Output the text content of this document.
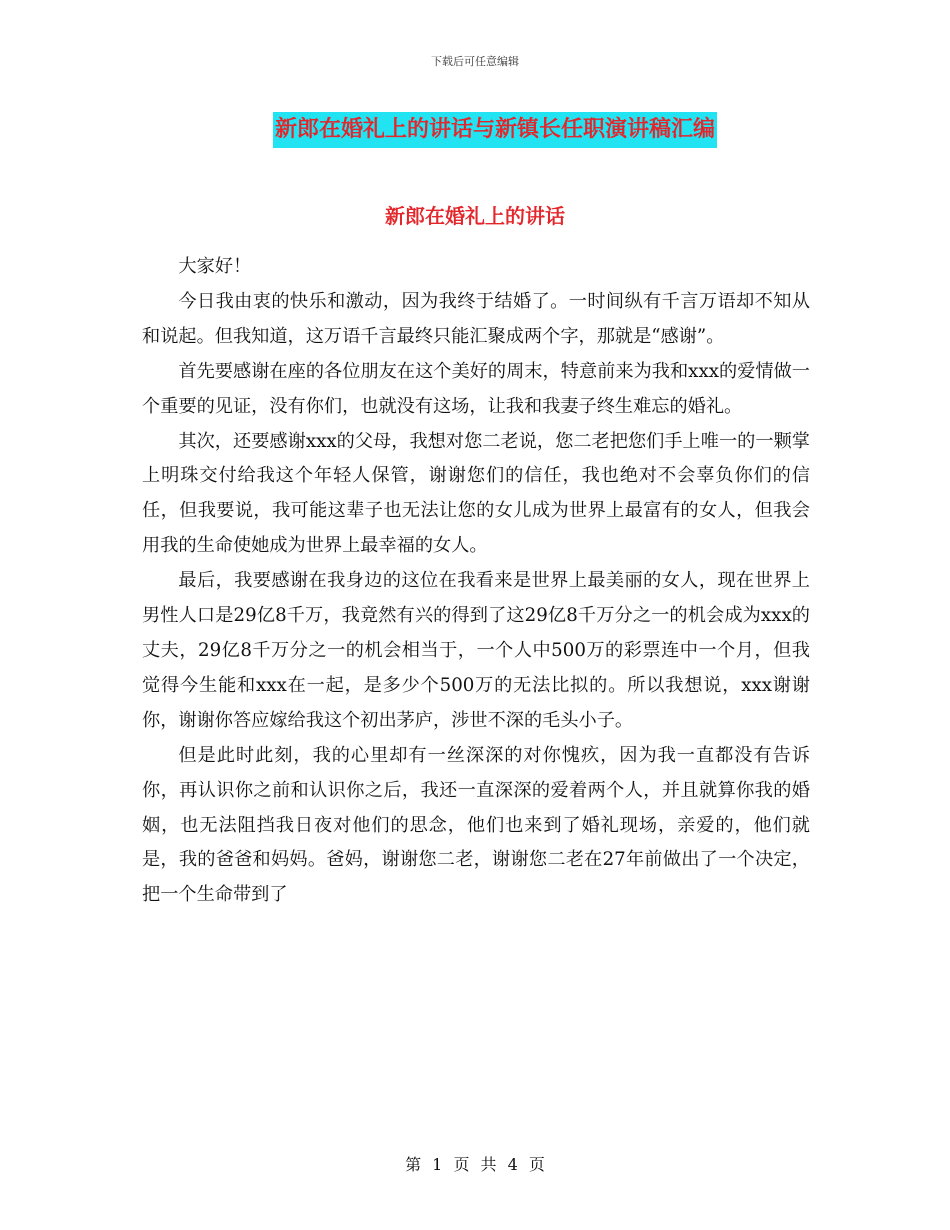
下载后可任意编辑
新郎在婚礼上的讲话与新镇长任职演讲稿汇编
新郎在婚礼上的讲话

大家好！

今日我由衷的快乐和激动，因为我终于结婚了。一时间纵有千言万语却不知从和说起。但我知道，这万语千言最终只能汇聚成两个字，那就是“感谢”。

首先要感谢在座的各位朋友在这个美好的周末，特意前来为我和xxx的爱情做一个重要的见证，没有你们，也就没有这场，让我和我妻子终生难忘的婚礼。

其次，还要感谢xxx的父母，我想对您二老说，您二老把您们手上唯一的一颗掌上明珠交付给我这个年轻人保管，谢谢您们的信任，我也绝对不会辜负你们的信任，但我要说，我可能这辈子也无法让您的女儿成为世界上最富有的女人，但我会用我的生命使她成为世界上最幸福的女人。

最后，我要感谢在我身边的这位在我看来是世界上最美丽的女人，现在世界上男性人口是29亿8千万，我竟然有兴的得到了这29亿8千万分之一的机会成为xxx的丈夫，29亿8千万分之一的机会相当于，一个人中500万的彩票连中一个月，但我觉得今生能和xxx在一起，是多少个500万的无法比拟的。所以我想说，xxx谢谢你，谢谢你答应嫁给我这个初出茅庐，涉世不深的毛头小子。

但是此时此刻，我的心里却有一丝深深的对你愧疚，因为我一直都没有告诉你，再认识你之前和认识你之后，我还一直深深的爱着两个人，并且就算你我的婚姻，也无法阻挡我日夜对他们的思念，他们也来到了婚礼现场，亲爱的，他们就是，我的爸爸和妈妈。爸妈，谢谢您二老，谢谢您二老在27年前做出了一个决定，把一个生命带到了

第 1 页 共 4 页
